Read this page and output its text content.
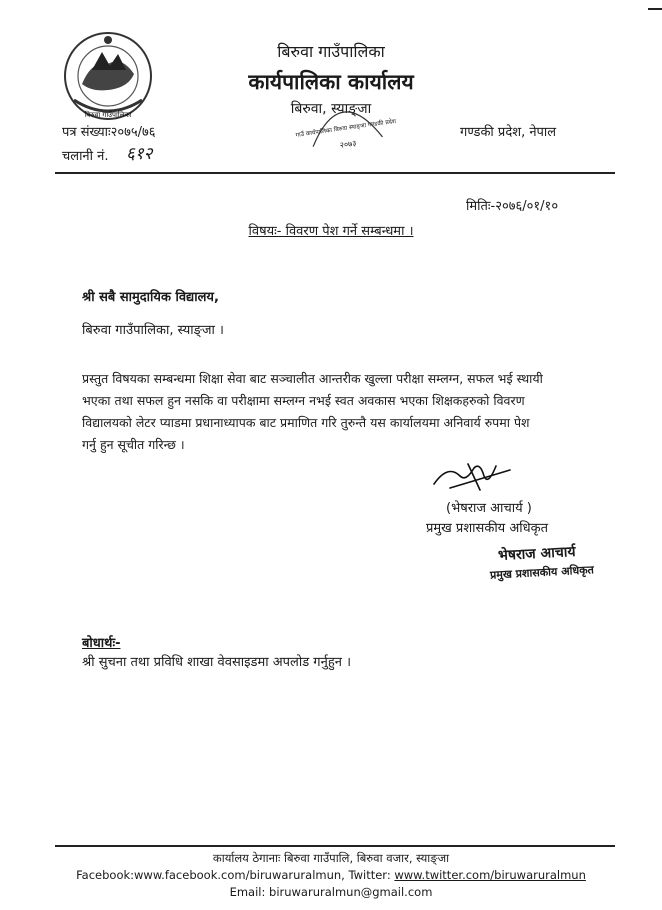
बिरुवा गाउँपालिका
बिरुवा गाउँपालिका
कार्यपालिका कार्यालय
बिरुवा, स्याङ्जा
गाउँ कार्यपालिका बिरुवा स्याङ्जा गण्डकी प्रदेश
२०७३
पत्र संख्याः२०७५/७६	गण्डकी प्रदेश, नेपाल
चलानी नं. ६१२
मितिः-२०७६/०१/१०
विषयः- विवरण पेश गर्ने सम्बन्धमा ।
श्री सबै सामुदायिक विद्यालय,
बिरुवा गाउँपालिका, स्याङ्जा ।
प्रस्तुत विषयका सम्बन्धमा शिक्षा सेवा बाट सञ्चालीत आन्तरीक खुल्ला परीक्षा सम्लग्न, सफल भई स्थायी
भएका तथा सफल हुन नसकि वा परीक्षामा सम्लग्न नभई स्वत अवकास भएका शिक्षकहरुको विवरण
विद्यालयको लेटर प्याडमा प्रधानाध्यापक बाट प्रमाणित गरि तुरुन्तै यस कार्यालयमा अनिवार्य रुपमा पेश
गर्नु हुन सूचीत गरिन्छ ।
(भेषराज आचार्य )
प्रमुख प्रशासकीय अधिकृत
भेषराज आचार्य
प्रमुख प्रशासकीय अधिकृत
बोधार्थः-
श्री सुचना तथा प्रविधि शाखा वेवसाइडमा अपलोड गर्नुहुन ।
कार्यालय ठेगानाः बिरुवा गाउँपालि, बिरुवा वजार, स्याङ्जा
Facebook:www.facebook.com/biruwaruralmun, Twitter: www.twitter.com/biruwaruralmun
Email: biruwaruralmun@gmail.com
